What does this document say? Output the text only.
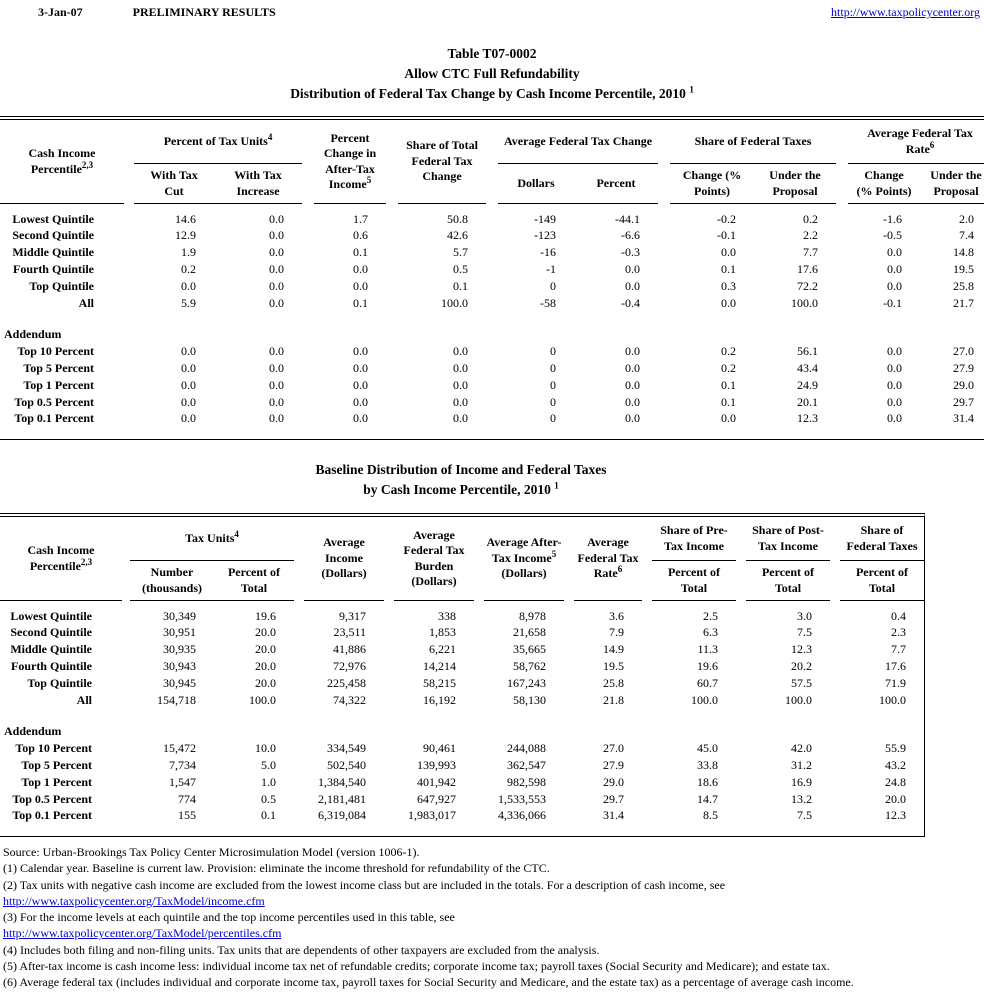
3-Jan-07	PRELIMINARY RESULTS	http://www.taxpolicycenter.org
Table T07-0002
Allow CTC Full Refundability
Distribution of Federal Tax Change by Cash Income Percentile, 2010 $^1$
Cash Income Percentile$^{2,3}$		Percent of Tax Units$^4$			Percent Change in After-Tax Income$^5$		Share of Total Federal Tax Change		Average Federal Tax Change			Share of Federal Taxes			Average Federal Tax Rate$^6$
		With Tax Cut	With Tax Increase						Dollars	Percent		Change (% Points)	Under the Proposal		Change (% Points)	Under the Proposal
Lowest Quintile		14.6	0.0		1.7		50.8		-149	-44.1		-0.2	0.2		-1.6	2.0
Second Quintile		12.9	0.0		0.6		42.6		-123	-6.6		-0.1	2.2		-0.5	7.4
Middle Quintile		1.9	0.0		0.1		5.7		-16	-0.3		0.0	7.7		0.0	14.8
Fourth Quintile		0.2	0.0		0.0		0.5		-1	0.0		0.1	17.6		0.0	19.5
Top Quintile		0.0	0.0		0.0		0.1		0	0.0		0.3	72.2		0.0	25.8
All		5.9	0.0		0.1		100.0		-58	-0.4		0.0	100.0		-0.1	21.7

Addendum																
Top 10 Percent		0.0	0.0		0.0		0.0		0	0.0		0.2	56.1		0.0	27.0
Top 5 Percent		0.0	0.0		0.0		0.0		0	0.0		0.2	43.4		0.0	27.9
Top 1 Percent		0.0	0.0		0.0		0.0		0	0.0		0.1	24.9		0.0	29.0
Top 0.5 Percent		0.0	0.0		0.0		0.0		0	0.0		0.1	20.1		0.0	29.7
Top 0.1 Percent		0.0	0.0		0.0		0.0		0	0.0		0.0	12.3		0.0	31.4
Baseline Distribution of Income and Federal Taxes
by Cash Income Percentile, 2010 $^1$
Cash Income Percentile$^{2,3}$		Tax Units$^4$			Average Income (Dollars)		Average Federal Tax Burden (Dollars)		Average After-Tax Income$^5$ (Dollars)		Average Federal Tax Rate$^6$		Share of Pre-Tax Income		Share of Post-Tax Income		Share of Federal Taxes
		Number (thousands)	Percent of Total										Percent of Total		Percent of Total		Percent of Total
Lowest Quintile		30,349	19.6		9,317		338		8,978		3.6		2.5		3.0		0.4
Second Quintile		30,951	20.0		23,511		1,853		21,658		7.9		6.3		7.5		2.3
Middle Quintile		30,935	20.0		41,886		6,221		35,665		14.9		11.3		12.3		7.7
Fourth Quintile		30,943	20.0		72,976		14,214		58,762		19.5		19.6		20.2		17.6
Top Quintile		30,945	20.0		225,458		58,215		167,243		25.8		60.7		57.5		71.9
All		154,718	100.0		74,322		16,192		58,130		21.8		100.0		100.0		100.0

Addendum																	
Top 10 Percent		15,472	10.0		334,549		90,461		244,088		27.0		45.0		42.0		55.9
Top 5 Percent		7,734	5.0		502,540		139,993		362,547		27.9		33.8		31.2		43.2
Top 1 Percent		1,547	1.0		1,384,540		401,942		982,598		29.0		18.6		16.9		24.8
Top 0.5 Percent		774	0.5		2,181,481		647,927		1,533,553		29.7		14.7		13.2		20.0
Top 0.1 Percent		155	0.1		6,319,084		1,983,017		4,336,066		31.4		8.5		7.5		12.3

Source: Urban-Brookings Tax Policy Center Microsimulation Model (version 1006-1).

(1) Calendar year. Baseline is current law. Provision: eliminate the income threshold for refundability of the CTC.

(2) Tax units with negative cash income are excluded from the lowest income class but are included in the totals. For a description of cash income, see

http://www.taxpolicycenter.org/TaxModel/income.cfm

(3) For the income levels at each quintile and the top income percentiles used in this table, see

http://www.taxpolicycenter.org/TaxModel/percentiles.cfm

(4) Includes both filing and non-filing units. Tax units that are dependents of other taxpayers are excluded from the analysis.

(5) After-tax income is cash income less: individual income tax net of refundable credits; corporate income tax; payroll taxes (Social Security and Medicare); and estate tax.

(6) Average federal tax (includes individual and corporate income tax, payroll taxes for Social Security and Medicare, and the estate tax) as a percentage of average cash income.
